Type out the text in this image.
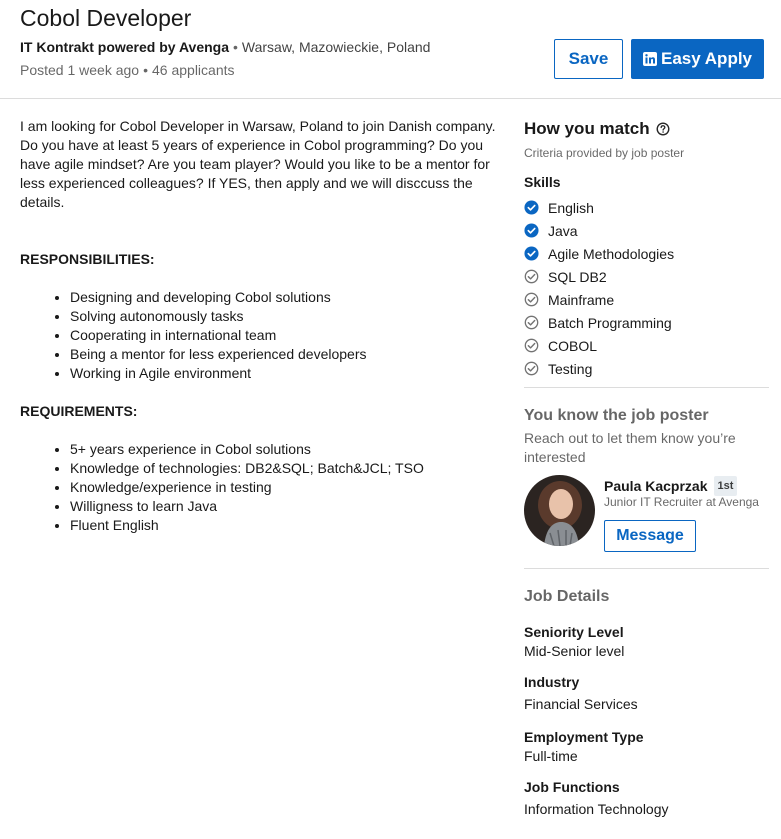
Cobol Developer
IT Kontrakt powered by Avenga • Warsaw, Mazowieckie, Poland
Posted 1 week ago • 46 applicants
Save	Easy Apply

I am looking for Cobol Developer in Warsaw, Poland to join Danish company.

Do you have at least 5 years of experience in Cobol programming? Do you have agile mindset? Are you team player? Would you like to be a mentor for less experienced colleagues? If YES, then apply and we will disccuss the details.

RESPONSIBILITIES:

• Designing and developing Cobol solutions
• Solving autonomously tasks
• Cooperating in international team
• Being a mentor for less experienced developers
• Working in Agile environment

REQUIREMENTS:

• 5+ years experience in Cobol solutions
• Knowledge of technologies: DB2&SQL; Batch&JCL; TSO
• Knowledge/experience in testing
• Willigness to learn Java
• Fluent English
How you match
Criteria provided by job poster
Skills
English
Java
Agile Methodologies
SQL DB2
Mainframe
Batch Programming
COBOL
Testing
You know the job poster
Reach out to let them know you’re interested
Paula Kacprzak 1st
Junior IT Recruiter at Avenga
Message
Job Details
Seniority Level
Mid-Senior level
Industry
Financial Services
Employment Type
Full-time
Job Functions
Information Technology
